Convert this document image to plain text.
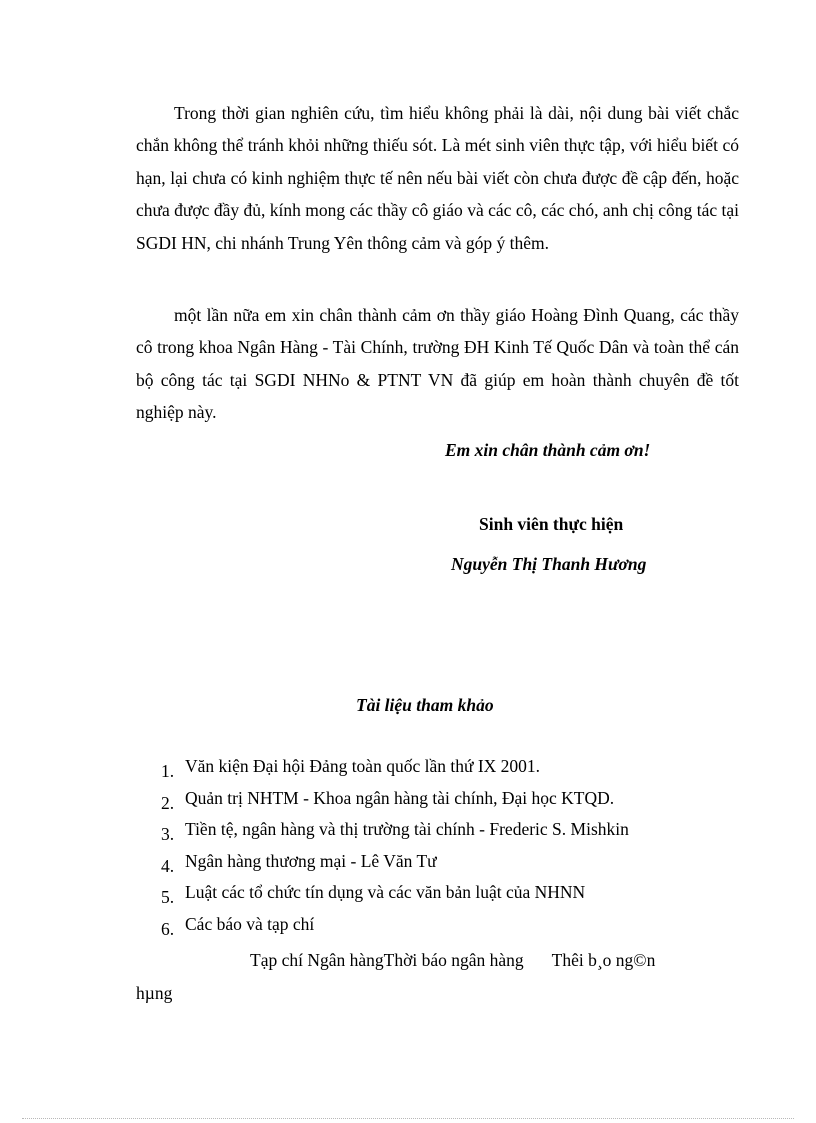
Trong thời gian nghiên cứu, tìm hiểu không phải là dài, nội dung bài viết chắc chắn không thể tránh khỏi những thiếu sót. Là mét sinh viên thực tập, với hiểu biết có hạn, lại chưa có kinh nghiệm thực tế nên nếu bài viết còn chưa được đề cập đến, hoặc chưa được đầy đủ, kính mong các thầy cô giáo và các cô, các chó, anh chị công tác tại SGDI HN, chi nhánh Trung Yên thông cảm và góp ý thêm.

một lần nữa em xin chân thành cảm ơn thầy giáo Hoàng Đình Quang, các thầy cô trong khoa Ngân Hàng - Tài Chính, trường ĐH Kinh Tế Quốc Dân và toàn thể cán bộ công tác tại SGDI NHNo & PTNT VN đã giúp em hoàn thành chuyên đề tốt nghiệp này.

Em xin chân thành cảm ơn!
Sinh viên thực hiện
Nguyễn Thị Thanh Hương
Tài liệu tham khảo
1. Văn kiện Đại hội Đảng toàn quốc lần thứ IX 2001.
2. Quản trị NHTM - Khoa ngân hàng tài chính, Đại học KTQD.
3. Tiền tệ, ngân hàng và thị trường tài chính - Frederic S. Mishkin
4. Ngân hàng thương mại - Lê Văn Tư
5. Luật các tổ chức tín dụng và các văn bản luật của NHNN
6. Các báo và tạp chí
Tạp chí Ngân hàngThời báo ngân hàng Thêi b¸o ng©n
hµng
